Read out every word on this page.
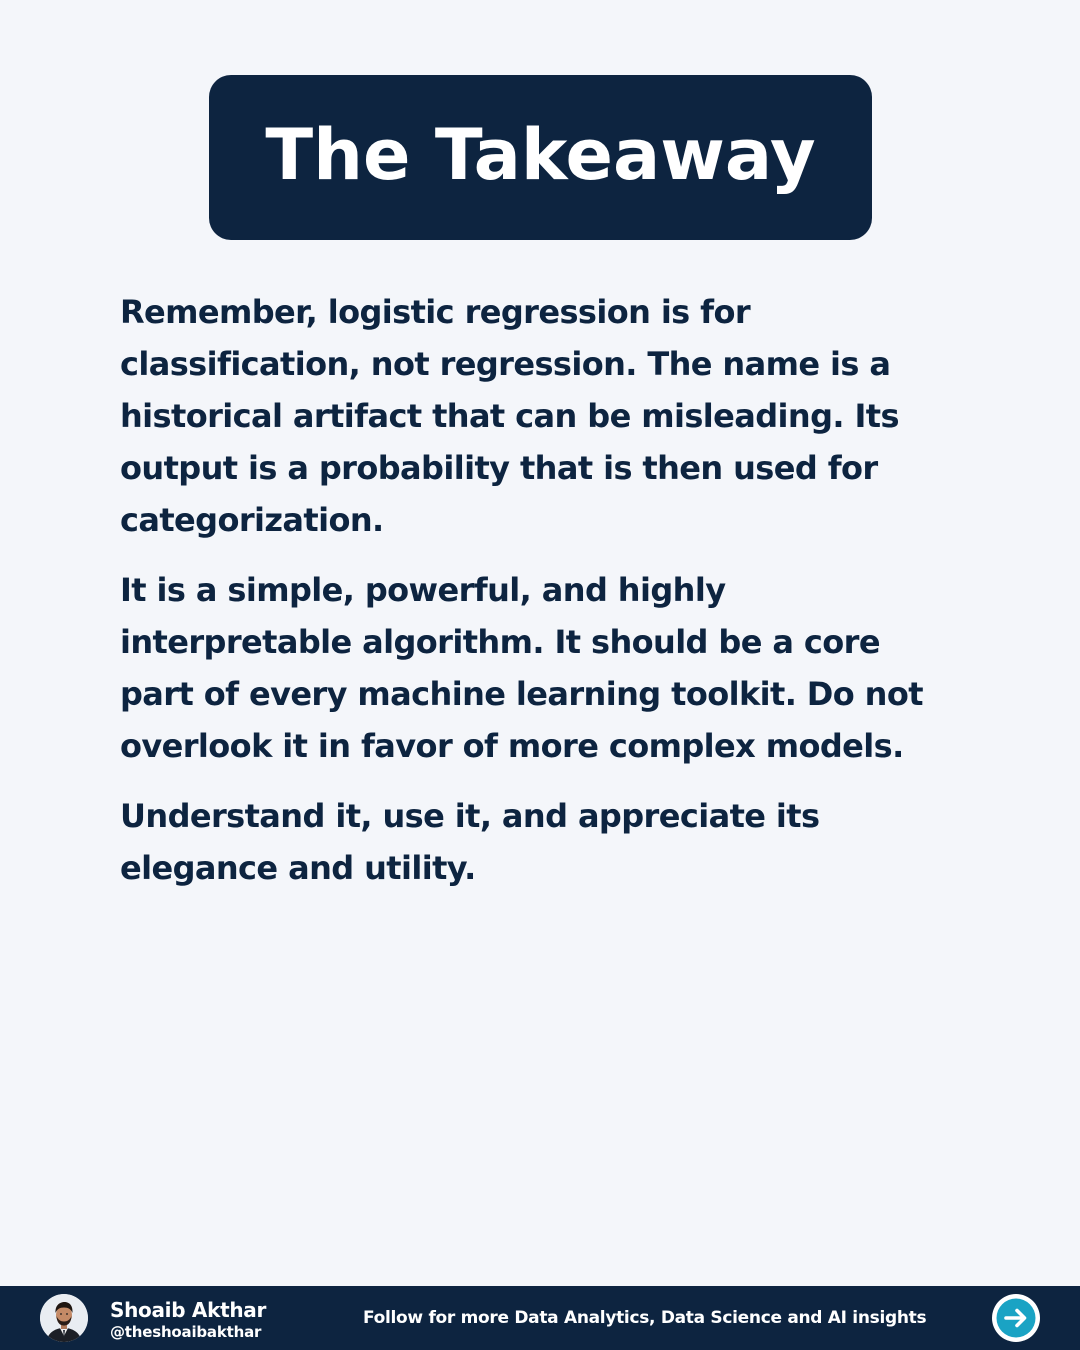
The Takeaway

Remember, logistic regression is for classification, not regression. The name is a historical artifact that can be misleading. Its output is a probability that is then used for categorization.

It is a simple, powerful, and highly interpretable algorithm. It should be a core part of every machine learning toolkit. Do not overlook it in favor of more complex models.

Understand it, use it, and appreciate its elegance and utility.

Shoaib Akthar
@theshoaibakthar
Follow for more Data Analytics, Data Science and AI insights
